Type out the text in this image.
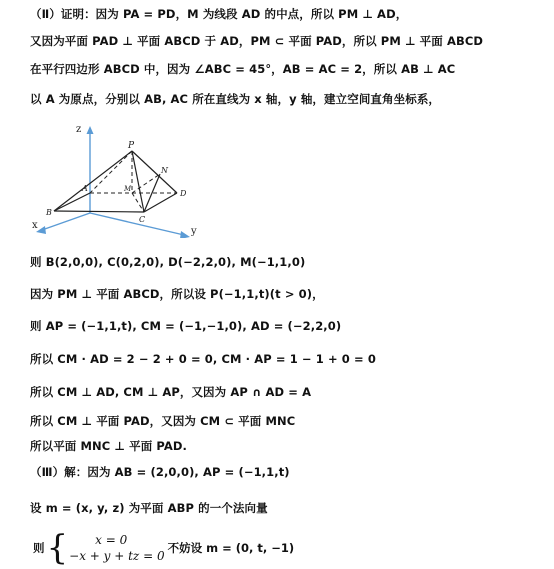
（Ⅱ）证明：因为 PA = PD，M 为线段 AD 的中点，所以 PM ⊥ AD，
又因为平面 PAD ⊥ 平面 ABCD 于 AD，PM ⊂ 平面 PAD，所以 PM ⊥ 平面 ABCD
在平行四边形 ABCD 中，因为 ∠ABC = 45°，AB = AC = 2，所以 AB ⊥ AC
以 A 为原点，分别以 AB, AC 所在直线为 x 轴，y 轴，建立空间直角坐标系，
z
x
y
P
N
D
C
B
A	M
则 B(2,0,0), C(0,2,0), D(−2,2,0), M(−1,1,0)
因为 PM ⊥ 平面 ABCD，所以设 P(−1,1,t)(t > 0)，
则 AP = (−1,1,t), CM = (−1,−1,0), AD = (−2,2,0)
所以 CM · AD = 2 − 2 + 0 = 0, CM · AP = 1 − 1 + 0 = 0
所以 CM ⊥ AD, CM ⊥ AP，又因为 AP ∩ AD = A
所以 CM ⊥ 平面 PAD，又因为 CM ⊂ 平面 MNC
所以平面 MNC ⊥ 平面 PAD.
（Ⅲ）解：因为 AB = (2,0,0), AP = (−1,1,t)
设 m = (x, y, z) 为平面 ABP 的一个法向量
则 {	x = 0
−x + y + tz = 0
不妨设 m = (0, t, −1)
